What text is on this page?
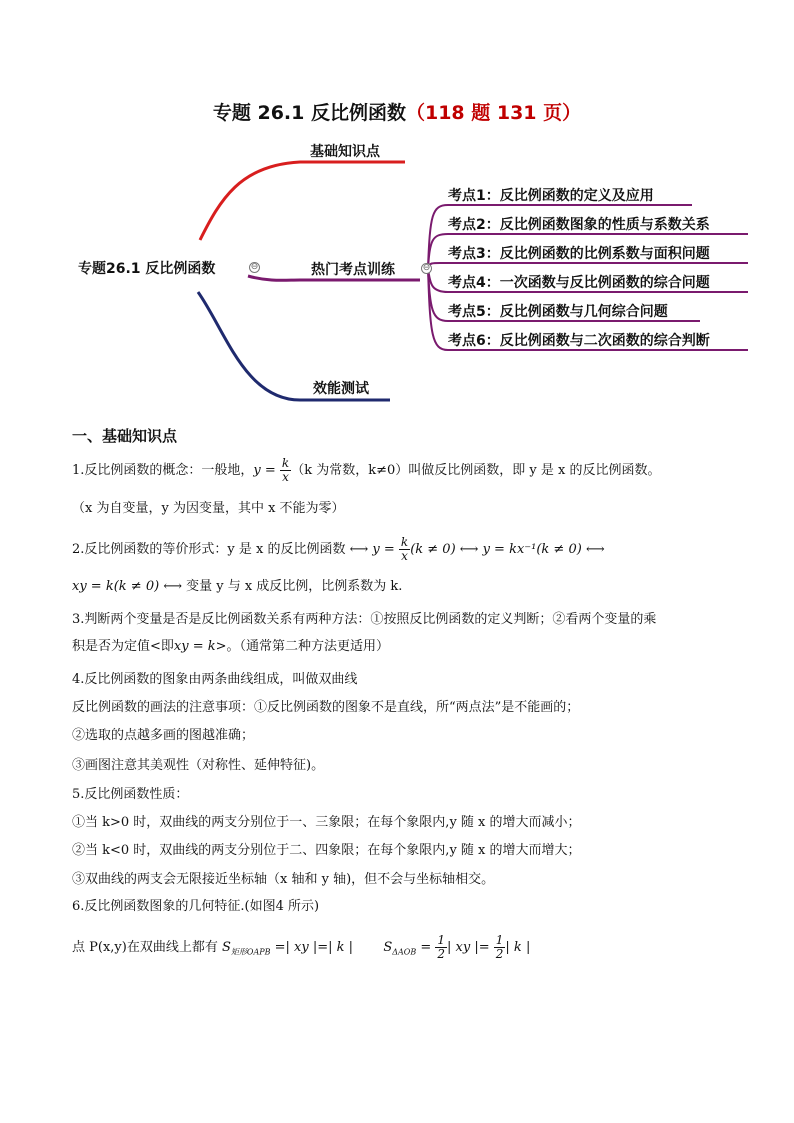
专题 26.1 反比例函数（118 题 131 页）
专题26.1 反比例函数	⊖
基础知识点
热门考点训练	⊖
效能测试
考点1：反比例函数的定义及应用
考点2：反比例函数图象的性质与系数关系
考点3：反比例函数的比例系数与面积问题
考点4：一次函数与反比例函数的综合问题
考点5：反比例函数与几何综合问题
考点6：反比例函数与二次函数的综合判断
一、基础知识点
1.反比例函数的概念：一般地，$y = \frac{k}{x} (k$ 为常数，k≠0）叫做反比例函数，即 y 是 x 的反比例函数。
（x 为自变量，y 为因变量，其中 x 不能为零）
2.反比例函数的等价形式：y 是 x 的反比例函数 ⟷ $y = \frac{k}{x} (k \ne 0)$ ⟷ y = kx⁻¹(k ≠ 0) ⟷
xy = k(k ≠ 0) ⟷ 变量 y 与 x 成反比例，比例系数为 k.
3.判断两个变量是否是反比例函数关系有两种方法：①按照反比例函数的定义判断；②看两个变量的乘
积是否为定值<即xy = k>。（通常第二种方法更适用）
4.反比例函数的图象由两条曲线组成，叫做双曲线
反比例函数的画法的注意事项：①反比例函数的图象不是直线，所“两点法”是不能画的；
②选取的点越多画的图越准确；
③画图注意其美观性（对称性、延伸特征)。
5.反比例函数性质：
①当 k>0 时，双曲线的两支分别位于一、三象限；在每个象限内,y 随 x 的增大而减小；
②当 k<0 时，双曲线的两支分别位于二、四象限；在每个象限内,y 随 x 的增大而增大；
③双曲线的两支会无限接近坐标轴（x 轴和 y 轴)，但不会与坐标轴相交。
6.反比例函数图象的几何特征.(如图4 所示)
点 P(x,y)在双曲线上都有 $S_{矩形OAPB}$ =| xy |=| k | $S_{\Delta AOB} = \frac{1}{2}$ | xy |= $\frac{1}{2}$ | k |
